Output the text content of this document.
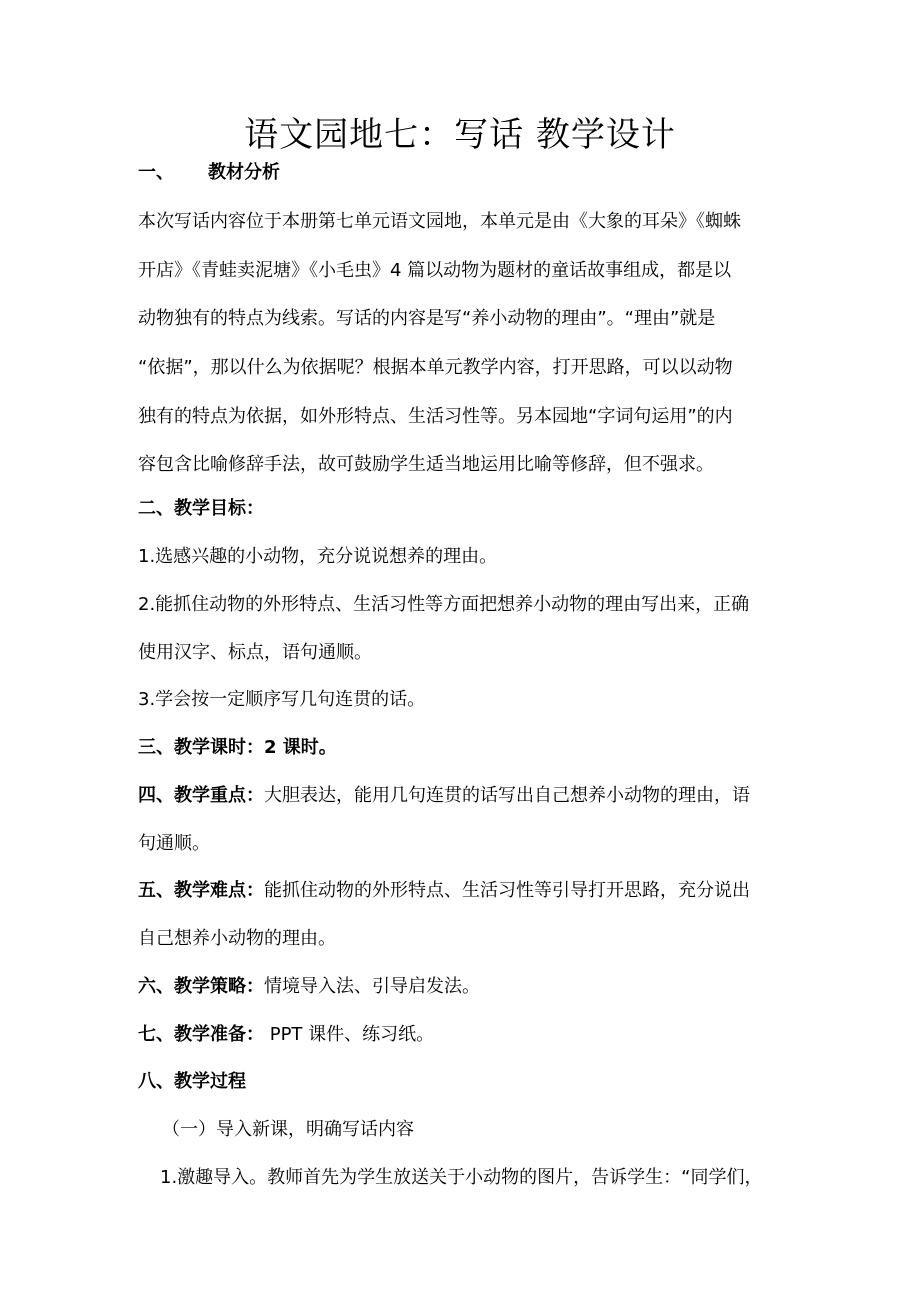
语文园地七：写话 教学设计
一、 教材分析
本次写话内容位于本册第七单元语文园地，本单元是由《大象的耳朵》《蜘蛛
开店》《青蛙卖泥塘》《小毛虫》4 篇以动物为题材的童话故事组成，都是以
动物独有的特点为线索。写话的内容是写“养小动物的理由”。“理由”就是
“依据”，那以什么为依据呢？根据本单元教学内容，打开思路，可以以动物
独有的特点为依据，如外形特点、生活习性等。另本园地“字词句运用”的内
容包含比喻修辞手法，故可鼓励学生适当地运用比喻等修辞，但不强求。
二、教学目标：
1.选感兴趣的小动物，充分说说想养的理由。
2.能抓住动物的外形特点、生活习性等方面把想养小动物的理由写出来，正确
使用汉字、标点，语句通顺。
3.学会按一定顺序写几句连贯的话。
三、教学课时：2 课时。
四、教学重点：大胆表达，能用几句连贯的话写出自己想养小动物的理由，语
句通顺。
五、教学难点：能抓住动物的外形特点、生活习性等引导打开思路，充分说出
自己想养小动物的理由。
六、教学策略：情境导入法、引导启发法。
七、教学准备： PPT 课件、练习纸。
八、教学过程
（一）导入新课，明确写话内容
1.激趣导入。教师首先为学生放送关于小动物的图片，告诉学生：“同学们，
